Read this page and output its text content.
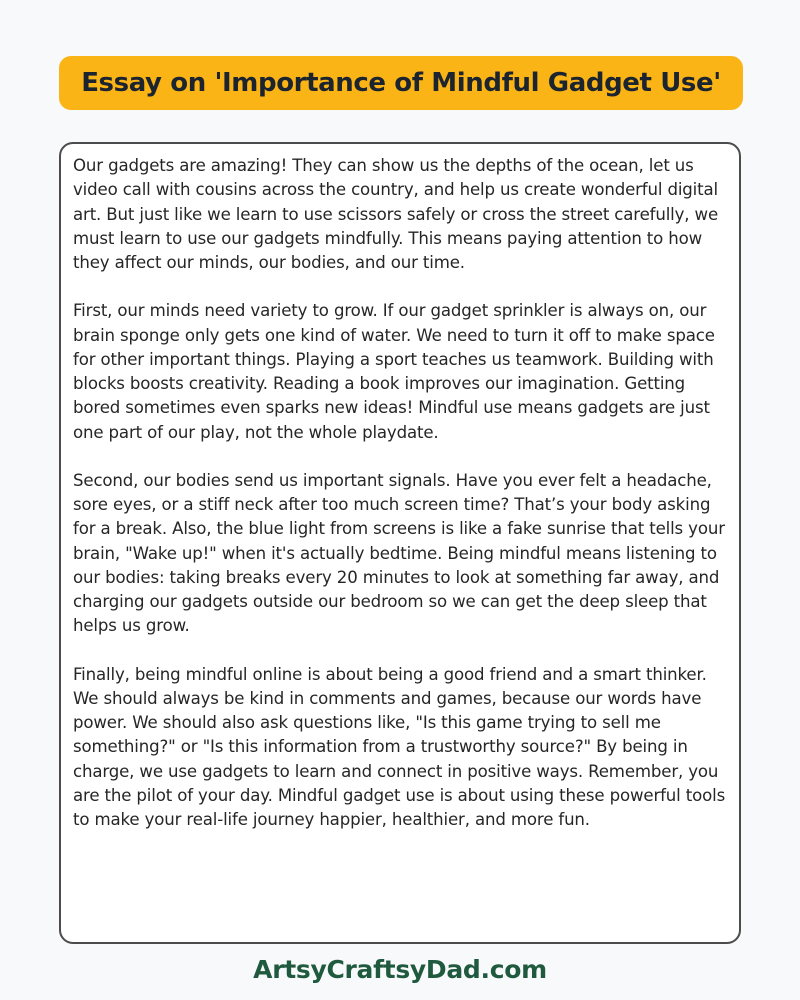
Essay on 'Importance of Mindful Gadget Use'

Our gadgets are amazing! They can show us the depths of the ocean, let us video call with cousins across the country, and help us create wonderful digital art. But just like we learn to use scissors safely or cross the street carefully, we must learn to use our gadgets mindfully. This means paying attention to how they affect our minds, our bodies, and our time.

First, our minds need variety to grow. If our gadget sprinkler is always on, our brain sponge only gets one kind of water. We need to turn it off to make space for other important things. Playing a sport teaches us teamwork. Building with blocks boosts creativity. Reading a book improves our imagination. Getting bored sometimes even sparks new ideas! Mindful use means gadgets are just one part of our play, not the whole playdate.

Second, our bodies send us important signals. Have you ever felt a headache, sore eyes, or a stiff neck after too much screen time? That’s your body asking for a break. Also, the blue light from screens is like a fake sunrise that tells your brain, "Wake up!" when it's actually bedtime. Being mindful means listening to our bodies: taking breaks every 20 minutes to look at something far away, and charging our gadgets outside our bedroom so we can get the deep sleep that helps us grow.

Finally, being mindful online is about being a good friend and a smart thinker. We should always be kind in comments and games, because our words have power. We should also ask questions like, "Is this game trying to sell me something?" or "Is this information from a trustworthy source?" By being in charge, we use gadgets to learn and connect in positive ways. Remember, you are the pilot of your day. Mindful gadget use is about using these powerful tools to make your real-life journey happier, healthier, and more fun.

ArtsyCraftsyDad.com
